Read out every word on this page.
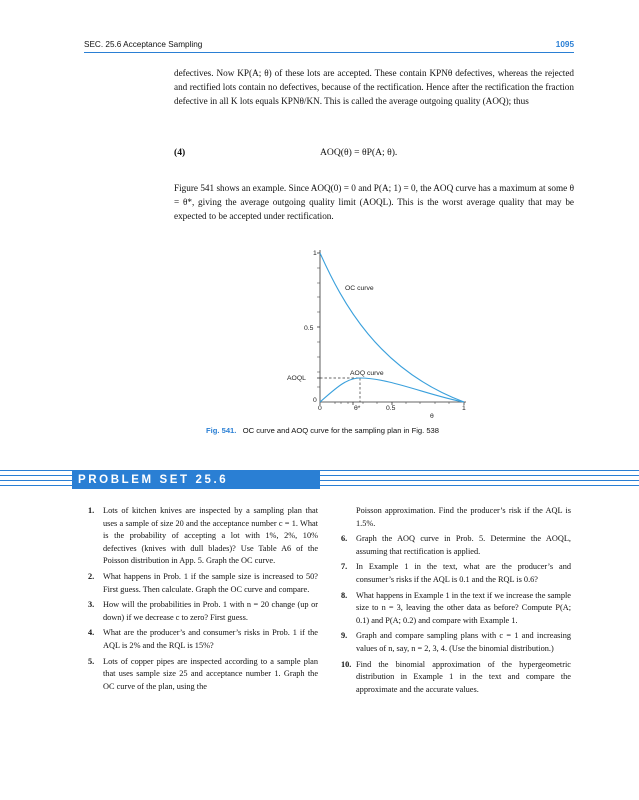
SEC. 25.6 Acceptance Sampling	1095

defectives. Now KP(A; θ) of these lots are accepted. These contain KPNθ defectives, whereas the rejected and rectified lots contain no defectives, because of the rectification. Hence after the rectification the fraction defective in all K lots equals KPNθ/KN. This is called the average outgoing quality (AOQ); thus

(4)	AOQ(θ) = θP(A; θ).

Figure 541 shows an example. Since AOQ(0) = 0 and P(A; 1) = 0, the AOQ curve has a maximum at some θ = θ*, giving the average outgoing quality limit (AOQL). This is the worst average quality that may be expected to be accepted under rectification.

OC curve
AOQ curve
AOQL
1
0.5
0
0	θ*	0.5	1
θ
Fig. 541. OC curve and AOQ curve for the sampling plan in Fig. 538
PROBLEM SET 25.6
1. Lots of kitchen knives are inspected by a sampling plan that uses a sample of size 20 and the acceptance number c = 1. What is the probability of accepting a lot with 1%, 2%, 10% defectives (knives with dull blades)? Use Table A6 of the Poisson distribution in App. 5. Graph the OC curve.
2. What happens in Prob. 1 if the sample size is increased to 50? First guess. Then calculate. Graph the OC curve and compare.
3. How will the probabilities in Prob. 1 with n = 20 change (up or down) if we decrease c to zero? First guess.
4. What are the producer’s and consumer’s risks in Prob. 1 if the AQL is 2% and the RQL is 15%?
5. Lots of copper pipes are inspected according to a sample plan that uses sample size 25 and acceptance number 1. Graph the OC curve of the plan, using the
Poisson approximation. Find the producer’s risk if the AQL is 1.5%.
6. Graph the AOQ curve in Prob. 5. Determine the AOQL, assuming that rectification is applied.
7. In Example 1 in the text, what are the producer’s and consumer’s risks if the AQL is 0.1 and the RQL is 0.6?
8. What happens in Example 1 in the text if we increase the sample size to n = 3, leaving the other data as before? Compute P(A; 0.1) and P(A; 0.2) and compare with Example 1.
9. Graph and compare sampling plans with c = 1 and increasing values of n, say, n = 2, 3, 4. (Use the binomial distribution.)
10. Find the binomial approximation of the hypergeometric distribution in Example 1 in the text and compare the approximate and the accurate values.
